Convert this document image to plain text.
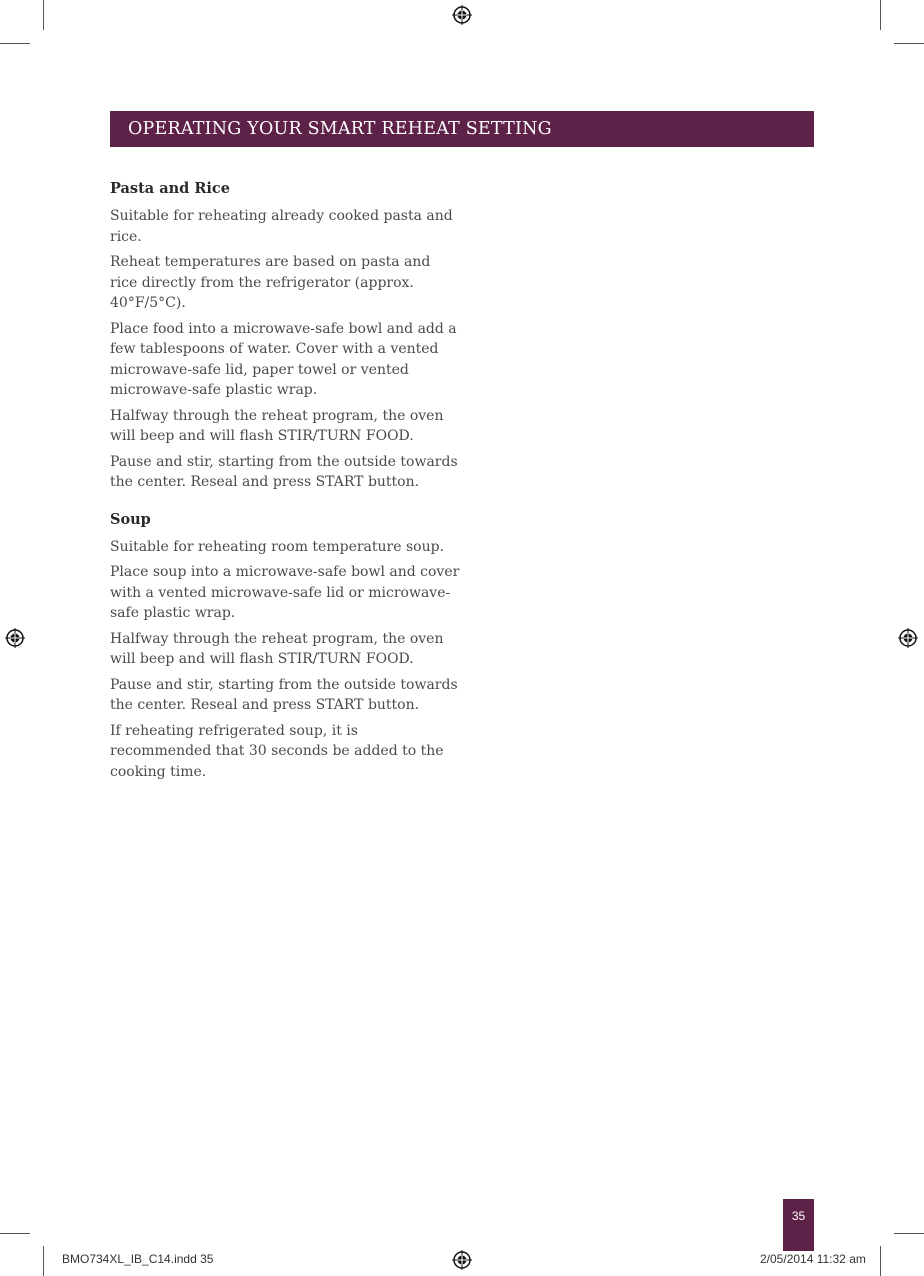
OPERATING YOUR SMART REHEAT SETTING
Pasta and Rice

Suitable for reheating already cooked pasta and rice.

Reheat temperatures are based on pasta and rice directly from the refrigerator (approx. 40°F/5°C).

Place food into a microwave-safe bowl and add a few tablespoons of water. Cover with a vented microwave-safe lid, paper towel or vented microwave-safe plastic wrap.

Halfway through the reheat program, the oven will beep and will flash STIR/TURN FOOD.

Pause and stir, starting from the outside towards the center. Reseal and press START button.

Soup

Suitable for reheating room temperature soup.

Place soup into a microwave-safe bowl and cover with a vented microwave-safe lid or microwave-safe plastic wrap.

Halfway through the reheat program, the oven will beep and will flash STIR/TURN FOOD.

Pause and stir, starting from the outside towards the center. Reseal and press START button.

If reheating refrigerated soup, it is recommended that 30 seconds be added to the cooking time.

35
BMO734XL_IB_C14.indd 35	2/05/2014 11:32 am
